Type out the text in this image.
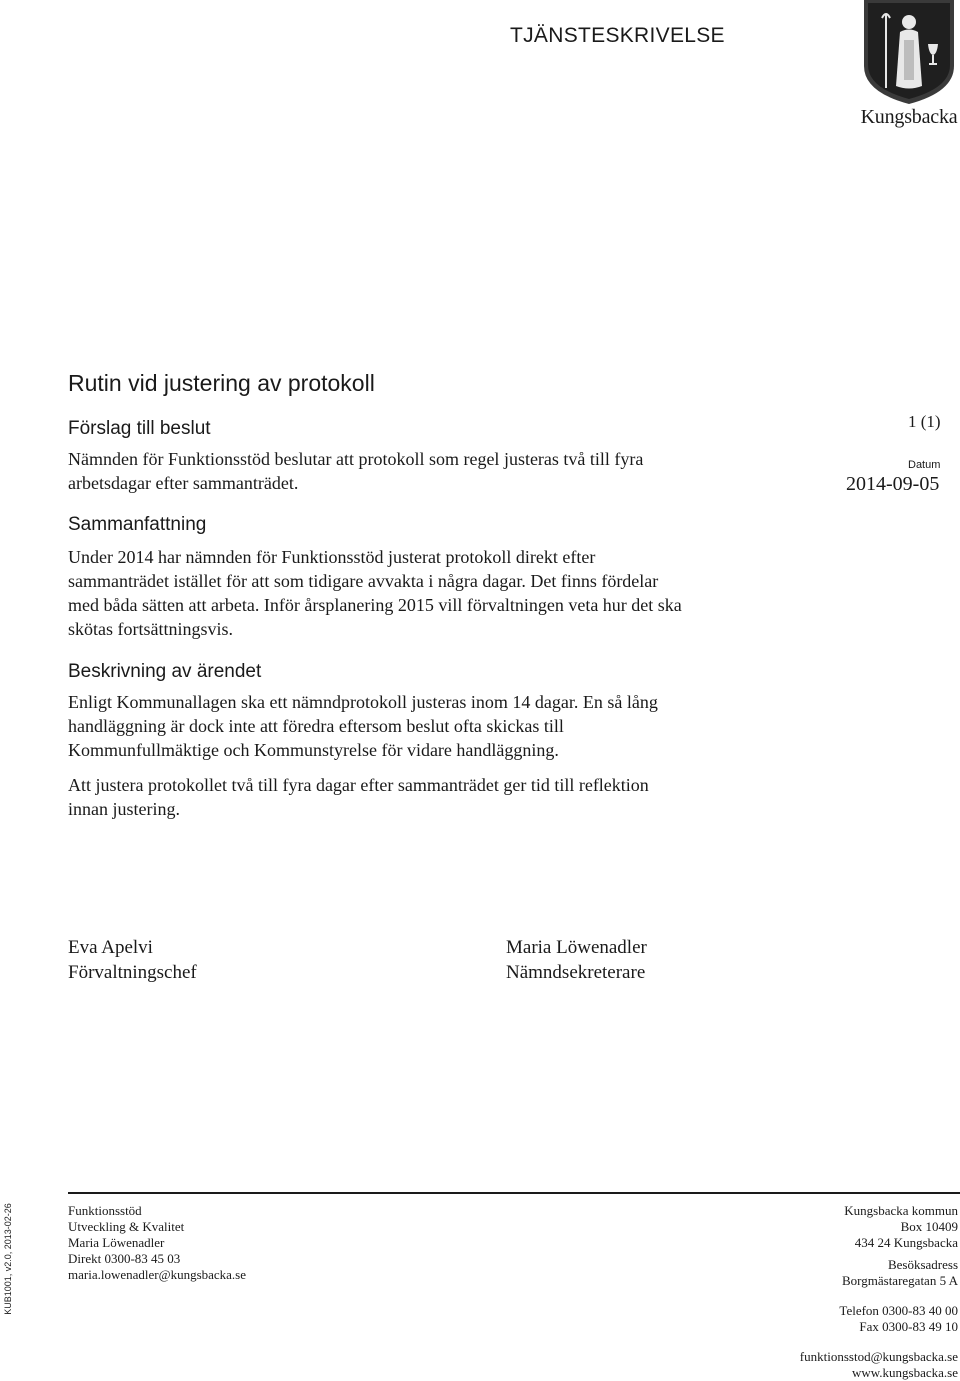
TJÄNSTESKRIVELSE
Kungsbacka
Rutin vid justering av protokoll
1 (1)
Datum
2014-09-05
Förslag till beslut
Nämnden för Funktionsstöd beslutar att protokoll som regel justeras två till fyra
arbetsdagar efter sammanträdet.
Sammanfattning
Under 2014 har nämnden för Funktionsstöd justerat protokoll direkt efter
sammanträdet istället för att som tidigare avvakta i några dagar. Det finns fördelar
med båda sätten att arbeta. Inför årsplanering 2015 vill förvaltningen veta hur det ska
skötas fortsättningsvis.
Beskrivning av ärendet
Enligt Kommunallagen ska ett nämndprotokoll justeras inom 14 dagar. En så lång
handläggning är dock inte att föredra eftersom beslut ofta skickas till
Kommunfullmäktige och Kommunstyrelse för vidare handläggning.
Att justera protokollet två till fyra dagar efter sammanträdet ger tid till reflektion
innan justering.
Eva Apelvi
Förvaltningschef
Maria Löwenadler
Nämndsekreterare
KUB1001, v2.0, 2013-02-26	Funktionsstöd
Utveckling & Kvalitet
Maria Löwenadler
Direkt 0300-83 45 03
maria.lowenadler@kungsbacka.se
Kungsbacka kommun
Box 10409
434 24 Kungsbacka
Besöksadress
Borgmästaregatan 5 A
Telefon 0300-83 40 00
Fax 0300-83 49 10
funktionsstod@kungsbacka.se
www.kungsbacka.se
